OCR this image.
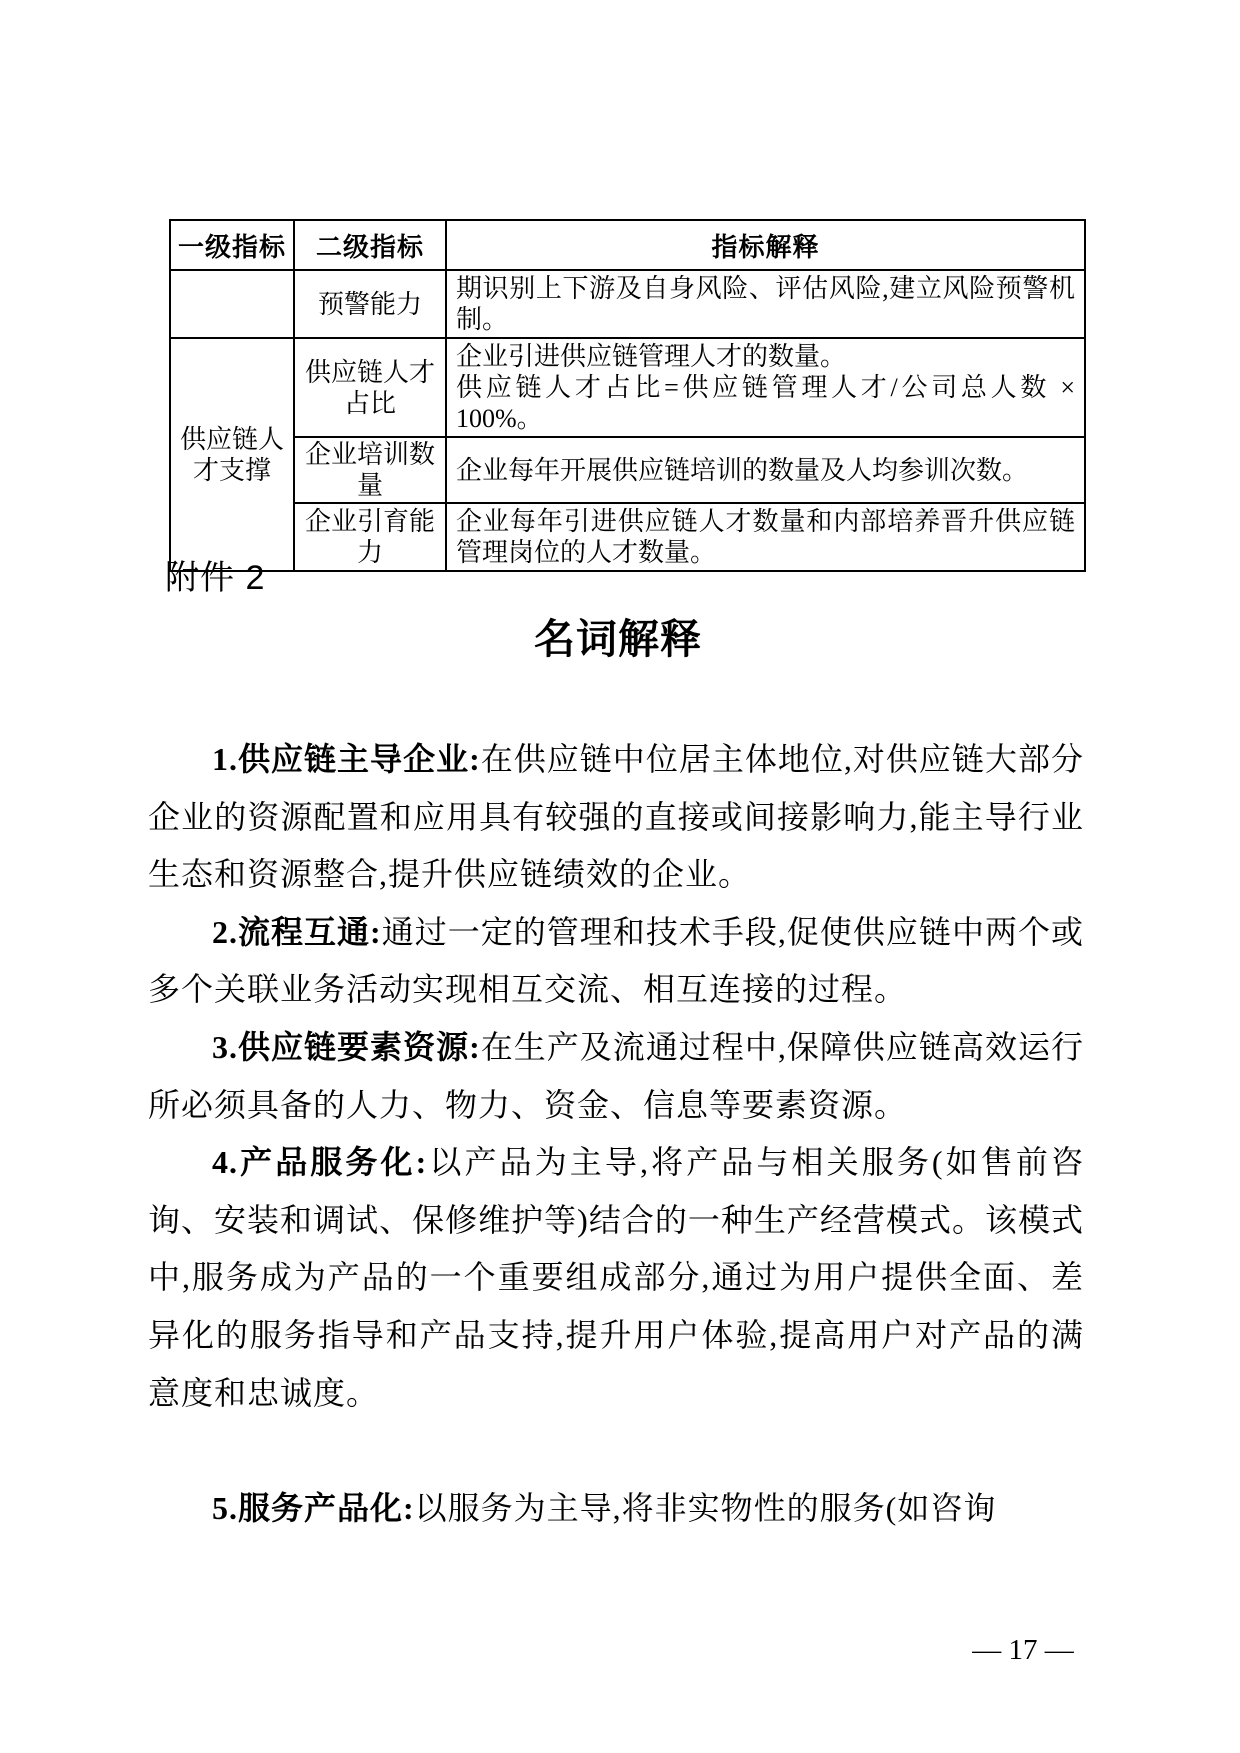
一级指标	二级指标	指标解释
	预警能力	期识别上下游及自身风险、评估风险,建立风险预警机制。

供应链人才支撑	供应链人才占比	企业引进供应链管理人才的数量。
供应链人才占比=供应链管理人才/公司总人数 × 100%。

	企业培训数量	企业每年开展供应链培训的数量及人均参训次数。

	企业引育能力	企业每年引进供应链人才数量和内部培养晋升供应链管理岗位的人才数量。
附件 2
名词解释

1.供应链主导企业:在供应链中位居主体地位,对供应链大部分企业的资源配置和应用具有较强的直接或间接影响力,能主导行业生态和资源整合,提升供应链绩效的企业。

2.流程互通:通过一定的管理和技术手段,促使供应链中两个或多个关联业务活动实现相互交流、相互连接的过程。

3.供应链要素资源:在生产及流通过程中,保障供应链高效运行所必须具备的人力、物力、资金、信息等要素资源。

4.产品服务化:以产品为主导,将产品与相关服务(如售前咨询、安装和调试、保修维护等)结合的一种生产经营模式。该模式中,服务成为产品的一个重要组成部分,通过为用户提供全面、差异化的服务指导和产品支持,提升用户体验,提高用户对产品的满意度和忠诚度。

5.服务产品化:以服务为主导,将非实物性的服务(如咨询

— 17 —
